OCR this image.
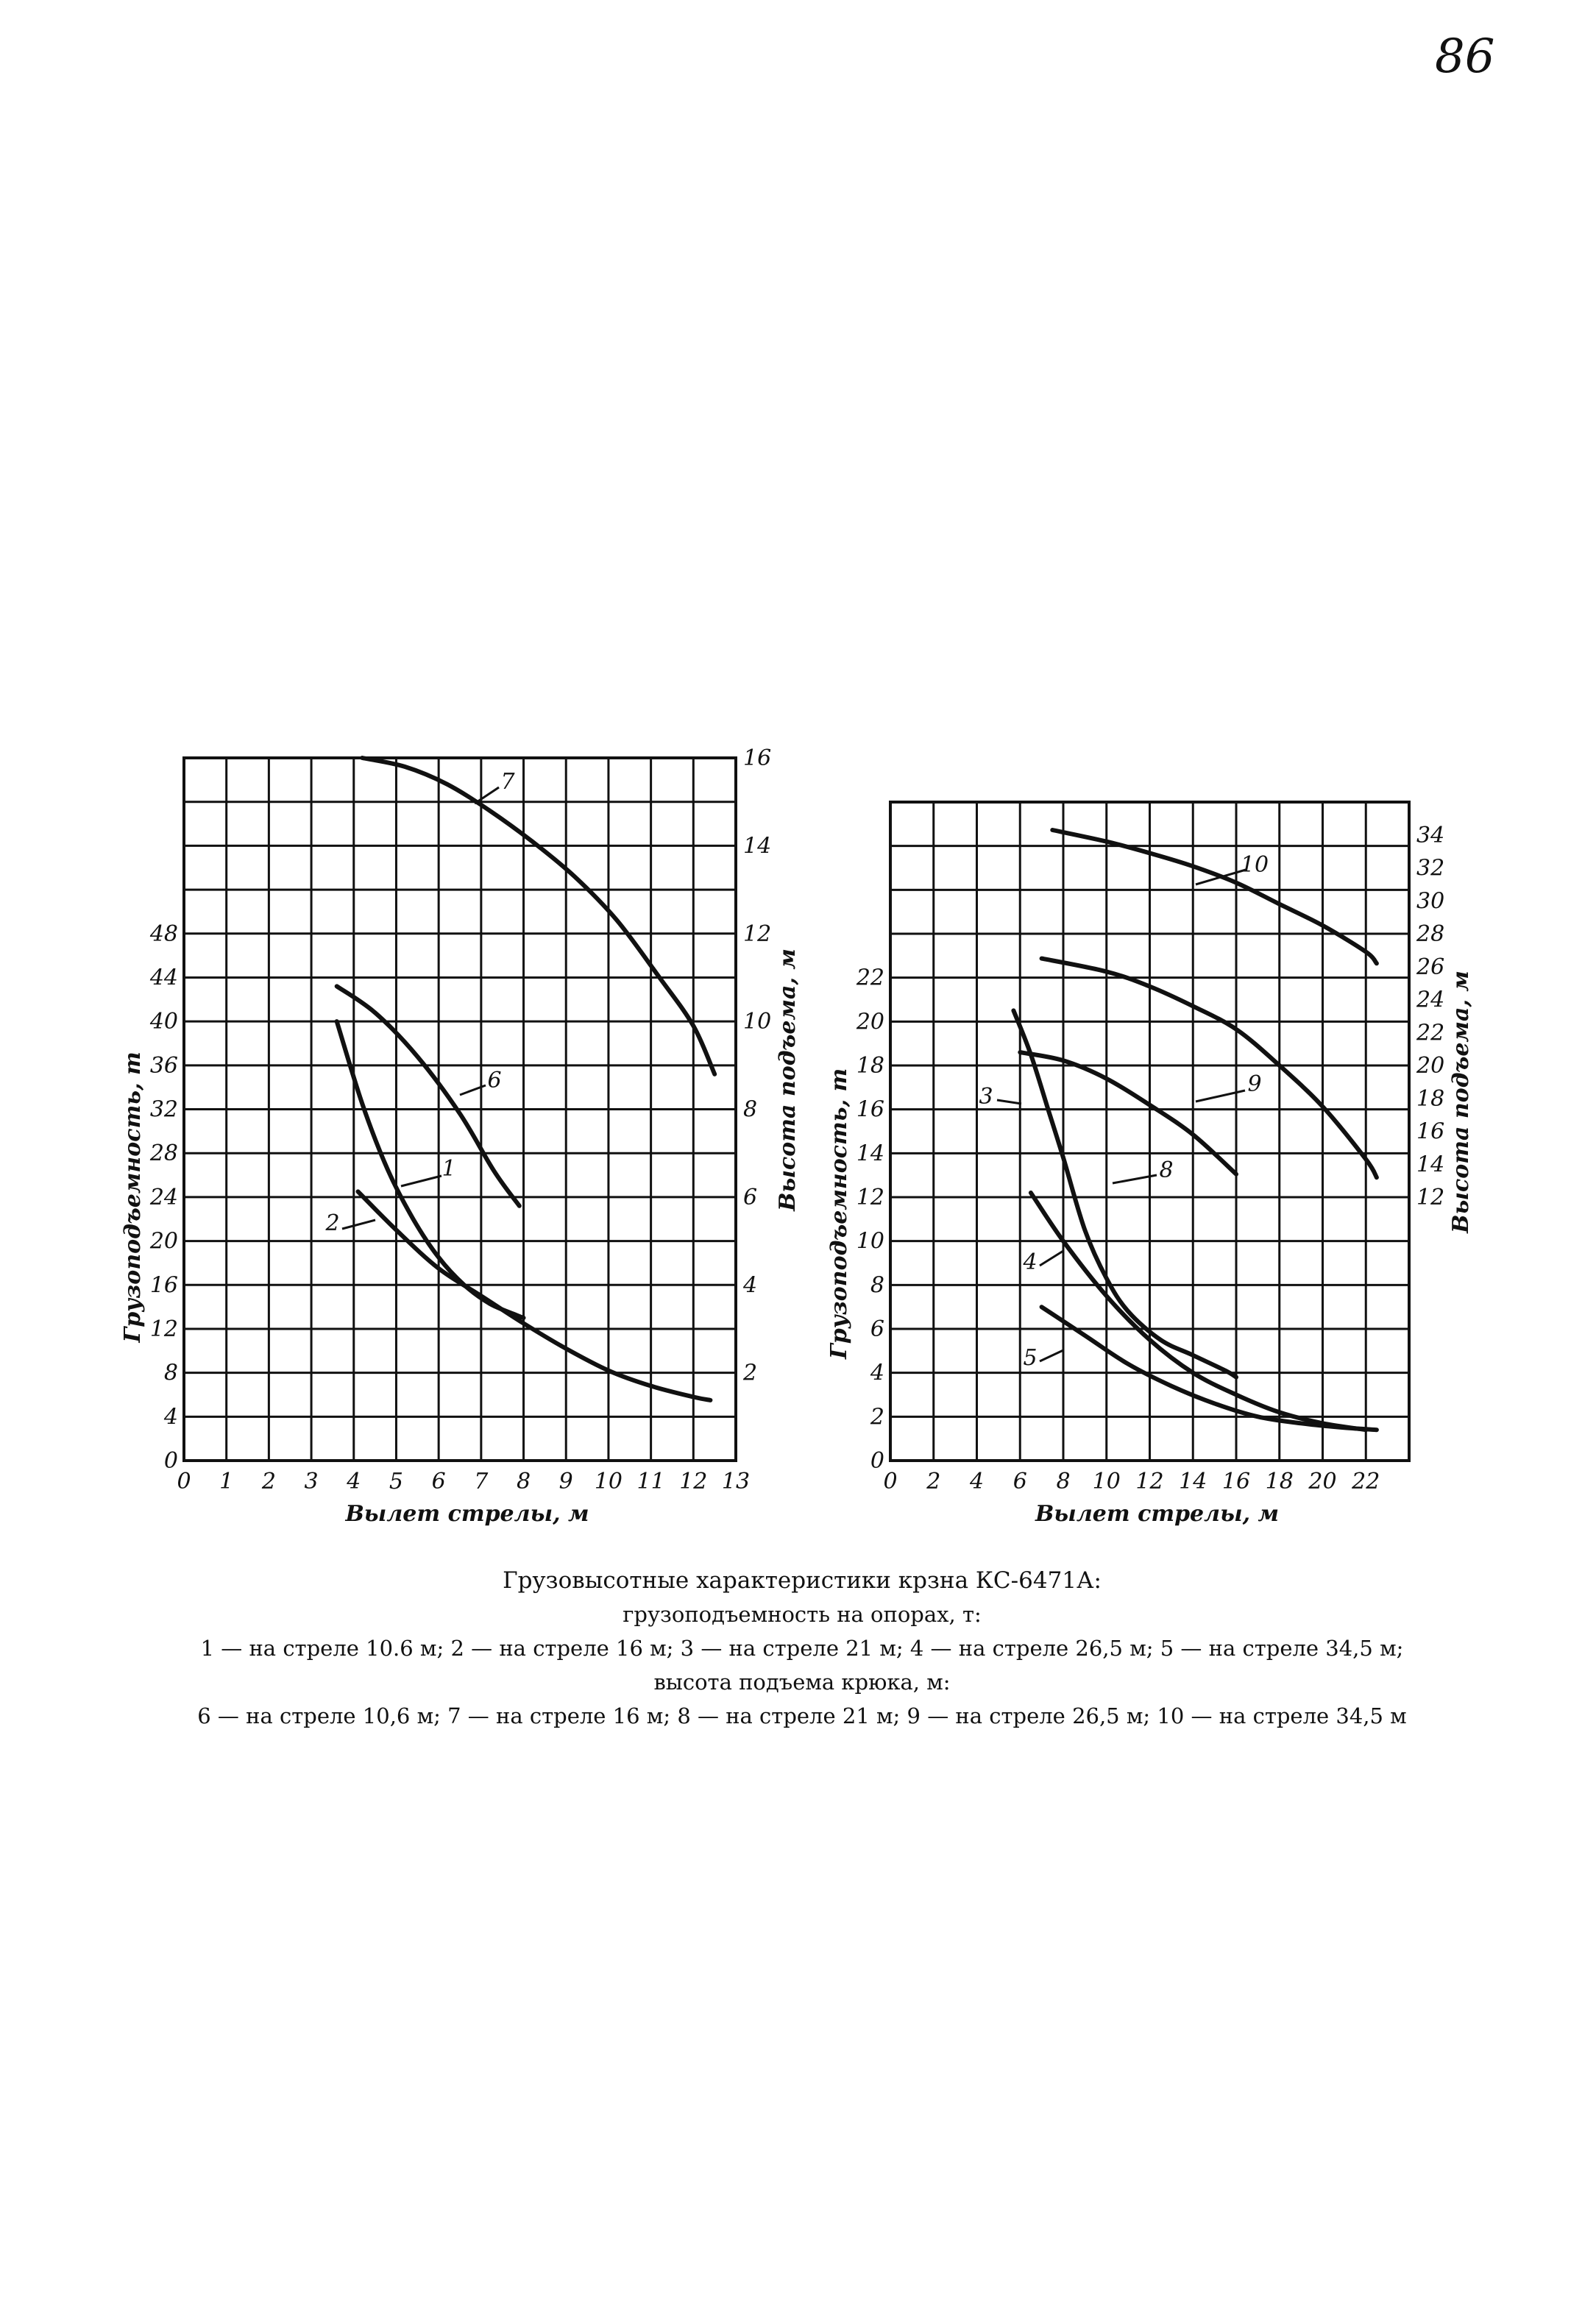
86
0 1 2 3 4 5 6 7 8 9 10 11 12 13
0
4
8
12
16
20
24
28
32
36
40
44
48
2
4
6
8
10
12
14
16
Вылет стрелы, м
Грузоподъемность, т	Высота подъема, м
1
2
6
7
0 2 4 6 8 10 12 14 16 18 20 22
0
2
4
6
8
10
12
14
16
18
20
22
12
14
16
18
20
22
24
26
28
30
32
34
Вылет стрелы, м
Грузоподъемность, т	Высота подъема, м
3
4
5
8
9
10
Грузовысотные характеристики крзна КС-6471А:
грузоподъемность на опорах, т:
1 — на стреле 10.6 м; 2 — на стреле 16 м; 3 — на стреле 21 м; 4 — на стреле 26,5 м; 5 — на стреле 34,5 м;
высота подъема крюка, м:
6 — на стреле 10,6 м; 7 — на стреле 16 м; 8 — на стреле 21 м; 9 — на стреле 26,5 м; 10 — на стреле 34,5 м
